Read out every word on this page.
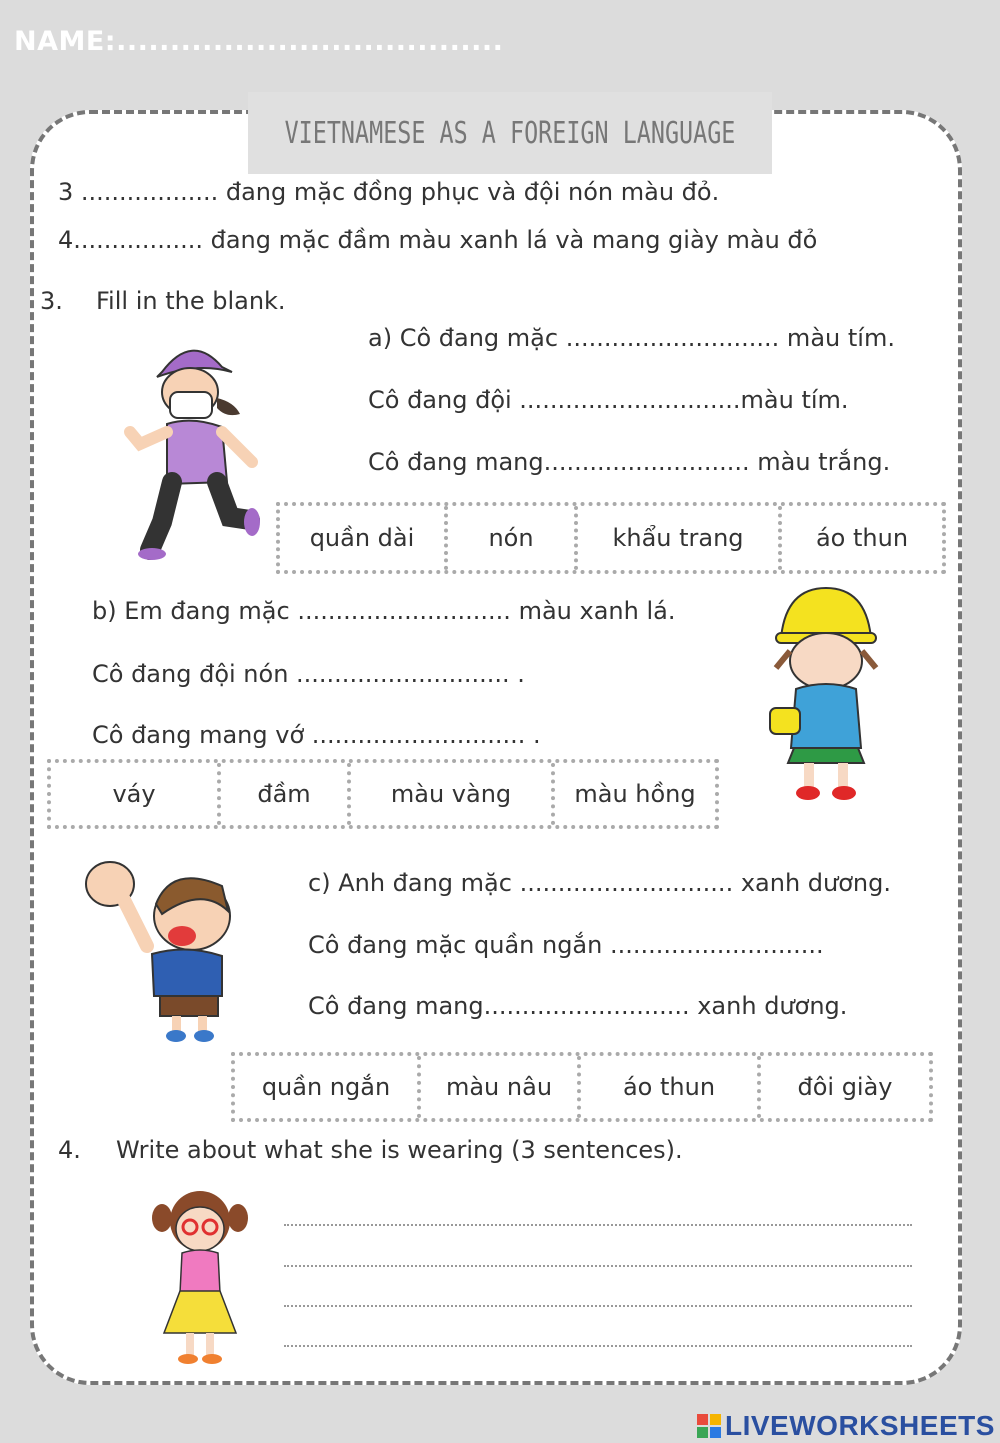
NAME:....................................
VIETNAMESE AS A FOREIGN LANGUAGE
3 .................. đang mặc đồng phục và đội nón màu đỏ.
4................. đang mặc đầm màu xanh lá và mang giày màu đỏ
3. Fill in the blank.
a) Cô đang mặc ............................ màu tím.
Cô đang đội .............................màu tím.
Cô đang mang........................... màu trắng.
quần dài	nón	khẩu trang	áo thun
b) Em đang mặc ............................ màu xanh lá.
Cô đang đội nón ............................ .
Cô đang mang vớ ............................ .
váy	đầm	màu vàng	màu hồng
c) Anh đang mặc ............................ xanh dương.
Cô đang mặc quần ngắn ............................
Cô đang mang........................... xanh dương.
quần ngắn	màu nâu	áo thun	đôi giày
4. Write about what she is wearing (3 sentences).
LIVEWORKSHEETS
